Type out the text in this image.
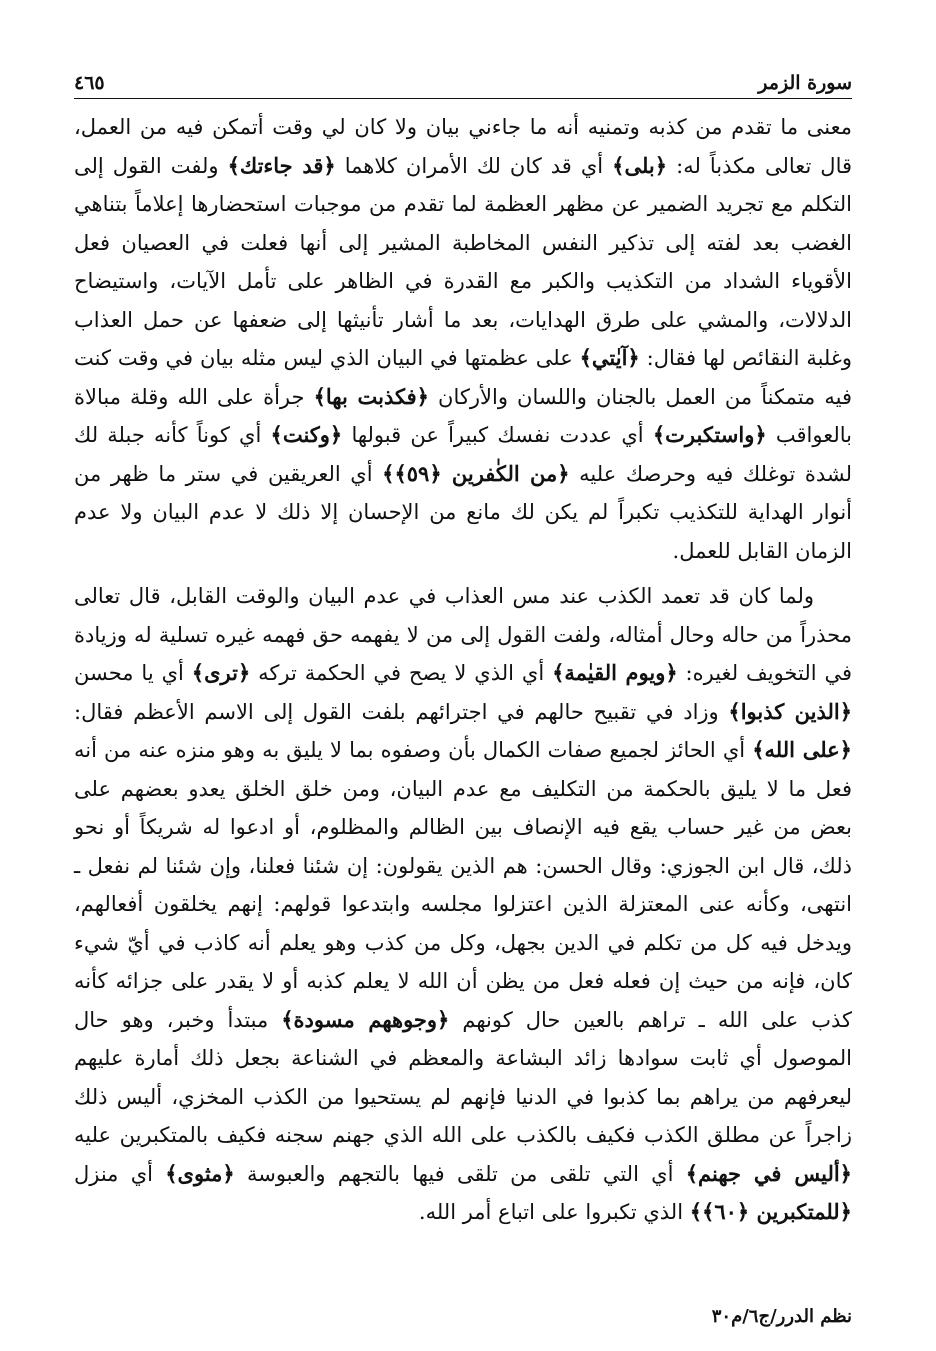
سورة الزمر
٤٦٥

معنى ما تقدم من كذبه وتمنيه أنه ما جاءني بيان ولا كان لي وقت أتمكن فيه من العمل، قال تعالى مكذباً له: ﴿بلى﴾ أي قد كان لك الأمران كلاهما ﴿قد جاءتك﴾ ولفت القول إلى التكلم مع تجريد الضمير عن مظهر العظمة لما تقدم من موجبات استحضارها إعلاماً بتناهي الغضب بعد لفته إلى تذكير النفس المخاطبة المشير إلى أنها فعلت في العصيان فعل الأقوياء الشداد من التكذيب والكبر مع القدرة في الظاهر على تأمل الآيات، واستيضاح الدلالات، والمشي على طرق الهدايات، بعد ما أشار تأنيثها إلى ضعفها عن حمل العذاب وغلبة النقائص لها فقال: ﴿آيٰتي﴾ على عظمتها في البيان الذي ليس مثله بيان في وقت كنت فيه متمكناً من العمل بالجنان واللسان والأركان ﴿فكذبت بها﴾ جرأة على الله وقلة مبالاة بالعواقب ﴿واستكبرت﴾ أي عددت نفسك كبيراً عن قبولها ﴿وكنت﴾ أي كوناً كأنه جبلة لك لشدة توغلك فيه وحرصك عليه ﴿من الكٰفرين ﴿٥٩﴾﴾ أي العريقين في ستر ما ظهر من أنوار الهداية للتكذيب تكبراً لم يكن لك مانع من الإحسان إلا ذلك لا عدم البيان ولا عدم الزمان القابل للعمل.

ولما كان قد تعمد الكذب عند مس العذاب في عدم البيان والوقت القابل، قال تعالى محذراً من حاله وحال أمثاله، ولفت القول إلى من لا يفهمه حق فهمه غيره تسلية له وزيادة في التخويف لغيره: ﴿ويوم القيٰمة﴾ أي الذي لا يصح في الحكمة تركه ﴿ترى﴾ أي يا محسن ﴿الذين كذبوا﴾ وزاد في تقبيح حالهم في اجترائهم بلفت القول إلى الاسم الأعظم فقال: ﴿على الله﴾ أي الحائز لجميع صفات الكمال بأن وصفوه بما لا يليق به وهو منزه عنه من أنه فعل ما لا يليق بالحكمة من التكليف مع عدم البيان، ومن خلق الخلق يعدو بعضهم على بعض من غير حساب يقع فيه الإنصاف بين الظالم والمظلوم، أو ادعوا له شريكاً أو نحو ذلك، قال ابن الجوزي: وقال الحسن: هم الذين يقولون: إن شئنا فعلنا، وإن شئنا لم نفعل ـ انتهى، وكأنه عنى المعتزلة الذين اعتزلوا مجلسه وابتدعوا قولهم: إنهم يخلقون أفعالهم، ويدخل فيه كل من تكلم في الدين بجهل، وكل من كذب وهو يعلم أنه كاذب في أيّ شيء كان، فإنه من حيث إن فعله فعل من يظن أن الله لا يعلم كذبه أو لا يقدر على جزائه كأنه كذب على الله ـ تراهم بالعين حال كونهم ﴿وجوههم مسودة﴾ مبتدأ وخبر، وهو حال الموصول أي ثابت سوادها زائد البشاعة والمعظم في الشناعة بجعل ذلك أمارة عليهم ليعرفهم من يراهم بما كذبوا في الدنيا فإنهم لم يستحيوا من الكذب المخزي، أليس ذلك زاجراً عن مطلق الكذب فكيف بالكذب على الله الذي جهنم سجنه فكيف بالمتكبرين عليه ﴿أليس في جهنم﴾ أي التي تلقى من تلقى فيها بالتجهم والعبوسة ﴿مثوى﴾ أي منزل ﴿للمتكبرين ﴿٦٠﴾﴾ الذي تكبروا على اتباع أمر الله.

نظم الدرر/ج٦/م٣٠
